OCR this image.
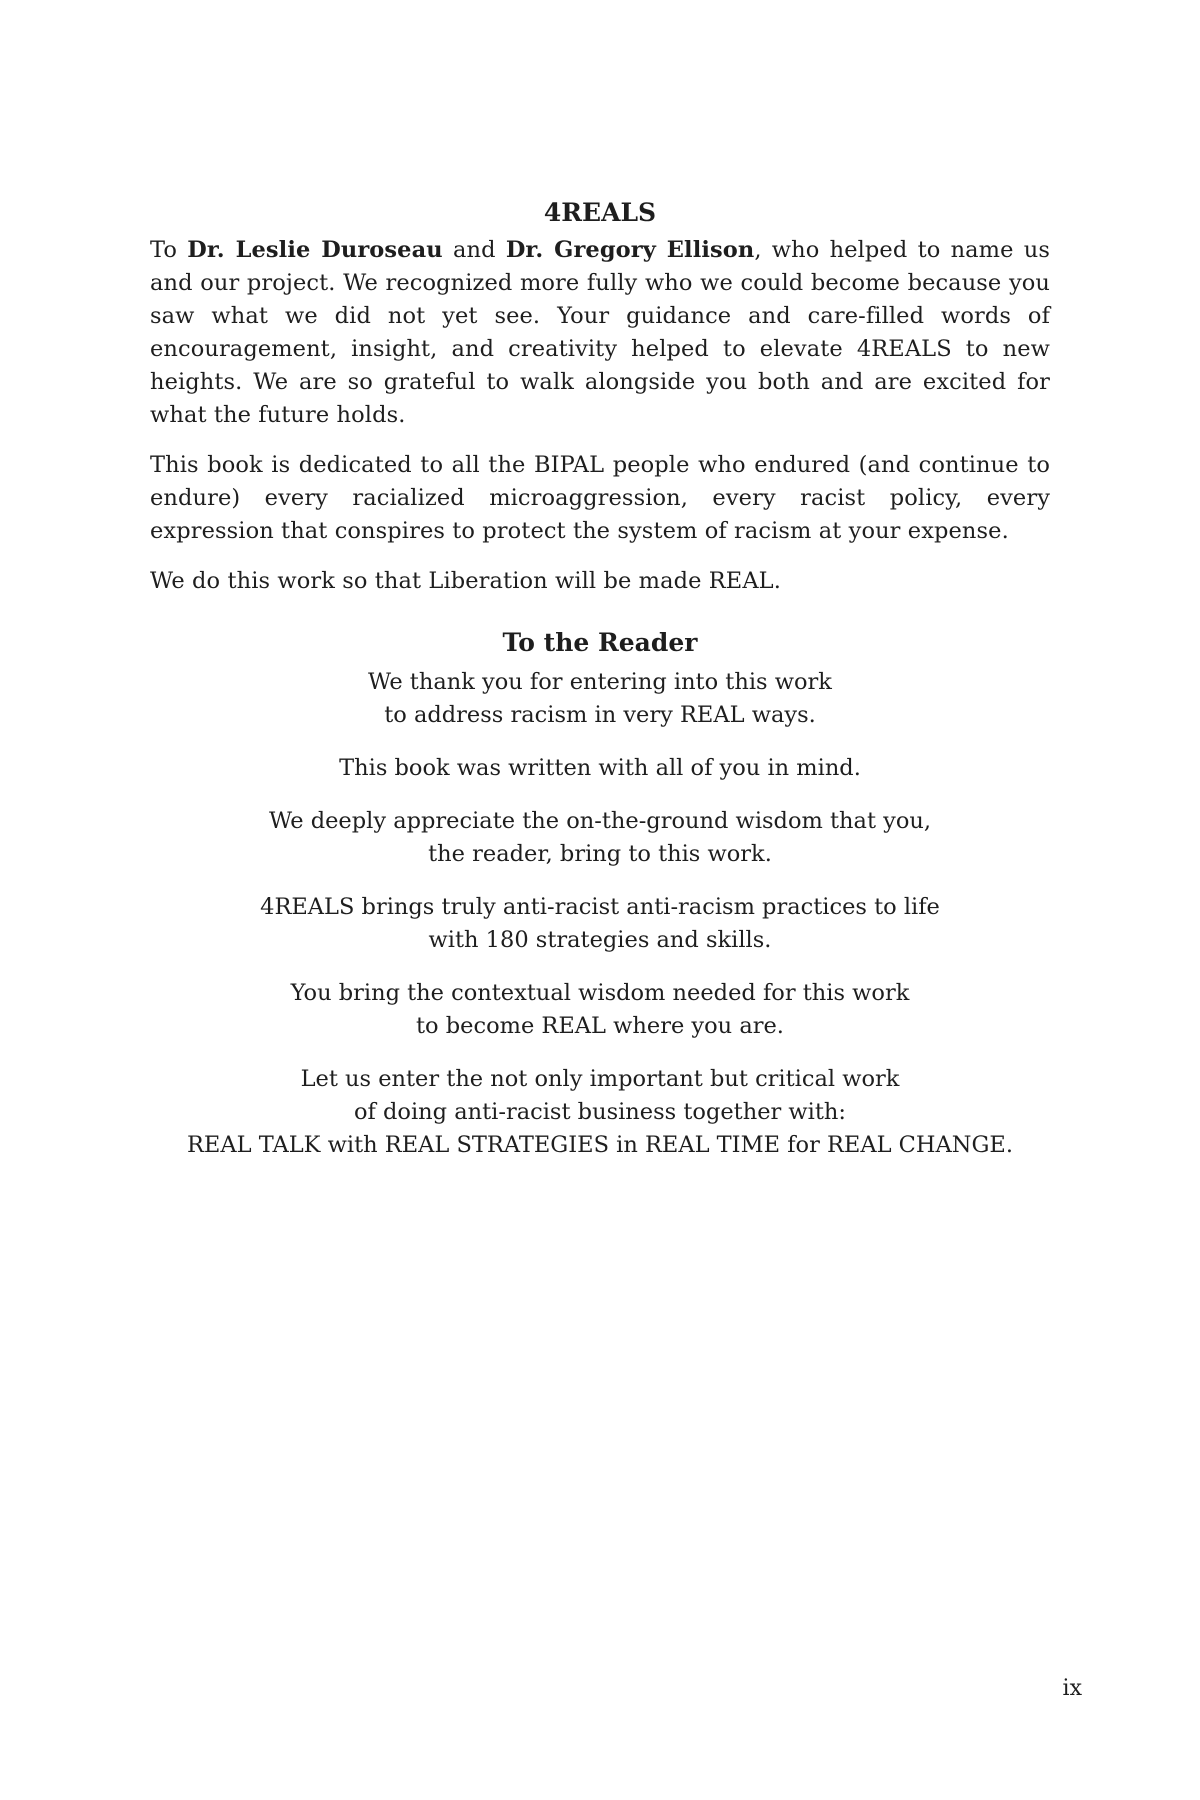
4REALS

To Dr. Leslie Duroseau and Dr. Gregory Ellison, who helped to name us and our project. We recognized more fully who we could become because you saw what we did not yet see. Your guidance and care-filled words of encouragement, insight, and creativity helped to elevate 4REALS to new heights. We are so grateful to walk alongside you both and are excited for what the future holds.

This book is dedicated to all the BIPAL people who endured (and continue to endure) every racialized microaggression, every racist policy, every expression that conspires to protect the system of racism at your expense.

We do this work so that Liberation will be made REAL.

To the Reader
We thank you for entering into this work
to address racism in very REAL ways.
This book was written with all of you in mind.
We deeply appreciate the on-the-ground wisdom that you,
the reader, bring to this work.
4REALS brings truly anti-racist anti-racism practices to life
with 180 strategies and skills.
You bring the contextual wisdom needed for this work
to become REAL where you are.
Let us enter the not only important but critical work
of doing anti-racist business together with:
REAL TALK with REAL STRATEGIES in REAL TIME for REAL CHANGE.
ix
